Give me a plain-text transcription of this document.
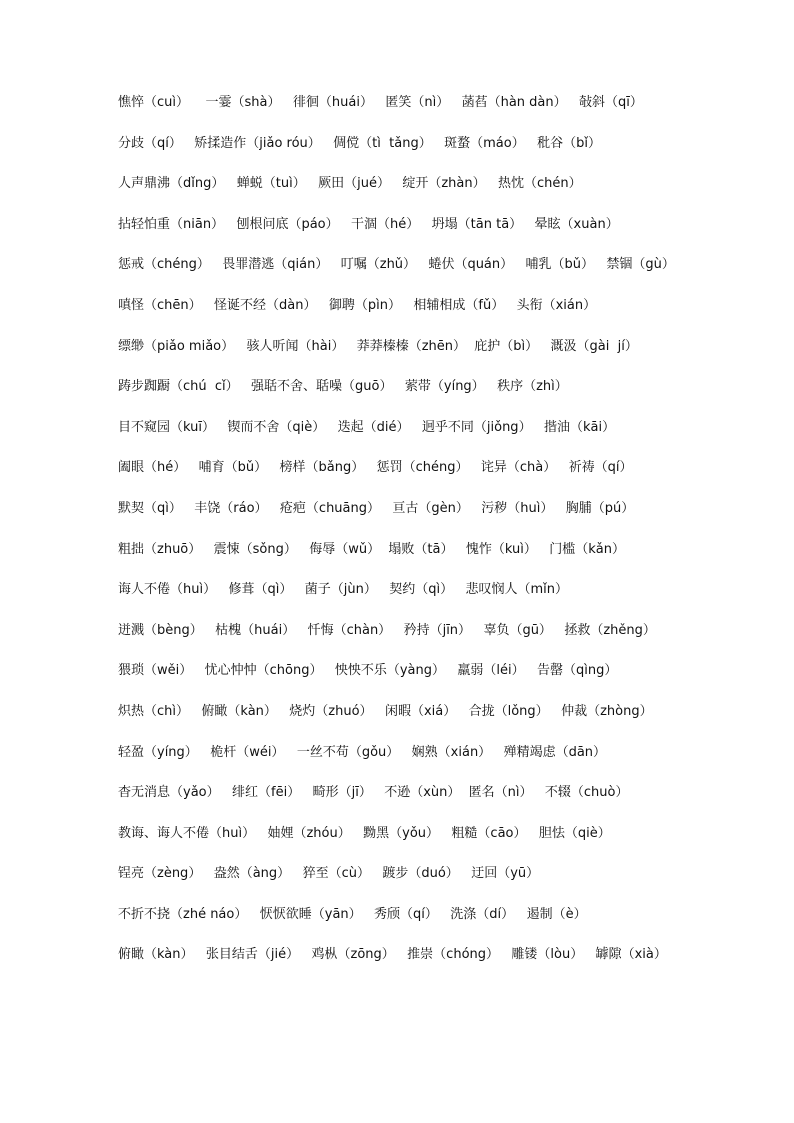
憔悴（cuì）    一霎（shà）   徘徊（huái）   匿笑（nì）   菡萏（hàn dàn）   敧斜（qī）
分歧（qí）   矫揉造作（jiǎo róu）   倜傥（tì  tǎng）   斑蝥（máo）   秕谷（bǐ）
人声鼎沸（dǐng）   蝉蜕（tuì）   厥田（jué）   绽开（zhàn）   热忱（chén）
拈轻怕重（niān）   刨根问底（páo）   干涸（hé）   坍塌（tān tā）   晕眩（xuàn）
惩戒（chéng）   畏罪潜逃（qián）   叮嘱（zhǔ）   蜷伏（quán）   哺乳（bǔ）   禁锢（gù）
嗔怪（chēn）   怪诞不经（dàn）   御聘（pìn）   相辅相成（fǔ）   头衔（xián）
缥缈（piǎo miǎo）   骇人听闻（hài）   莽莽榛榛（zhēn）  庇护（bì）   溉汲（gài  jí）
踌步踟蹰（chú  cǐ）   强聒不舍、聒噪（guō）   萦带（yíng）   秩序（zhì）
目不窥园（kuī）   锲而不舍（qiè）   迭起（dié）   迥乎不同（jiǒng）   揩油（kāi）
阖眼（hé）   哺育（bǔ）   榜样（bǎng）   惩罚（chéng）   诧异（chà）   祈祷（qí）
默契（qì）   丰饶（ráo）   疮疤（chuāng）   亘古（gèn）   污秽（huì）   胸脯（pú）
粗拙（zhuō）   震悚（sǒng）   侮辱（wǔ）  塌败（tā）   愧怍（kuì）   门槛（kǎn）
诲人不倦（huì）   修葺（qì）   菌子（jùn）   契约（qì）   悲叹悯人（mǐn）
迸溅（bèng）   枯槐（huái）   忏悔（chàn）   矜持（jīn）   辜负（gū）   拯救（zhěng）
猥琐（wěi）   忧心忡忡（chōng）   怏怏不乐（yàng）   羸弱（léi）   告罄（qìng）
炽热（chì）   俯瞰（kàn）   烧灼（zhuó）   闲暇（xiá）   合拢（lǒng）   仲裁（zhòng）
轻盈（yíng）   桅杆（wéi）   一丝不苟（gǒu）   娴熟（xián）   殚精竭虑（dān）
杳无消息（yǎo）   绯红（fēi）   畸形（jī）   不逊（xùn）  匿名（nì）   不辍（chuò）
教诲、诲人不倦（huì）   妯娌（zhóu）   黝黑（yǒu）   粗糙（cāo）   胆怯（qiè）
锃亮（zèng）   盎然（àng）   猝至（cù）   踱步（duó）   迂回（yū）
不折不挠（zhé náo）   恹恹欲睡（yān）   秀颀（qí）   洗涤（dí）   遏制（è）
俯瞰（kàn）   张目结舌（jié）   鸡枞（zōng）   推崇（chóng）   雕镂（lòu）   罅隙（xià）
